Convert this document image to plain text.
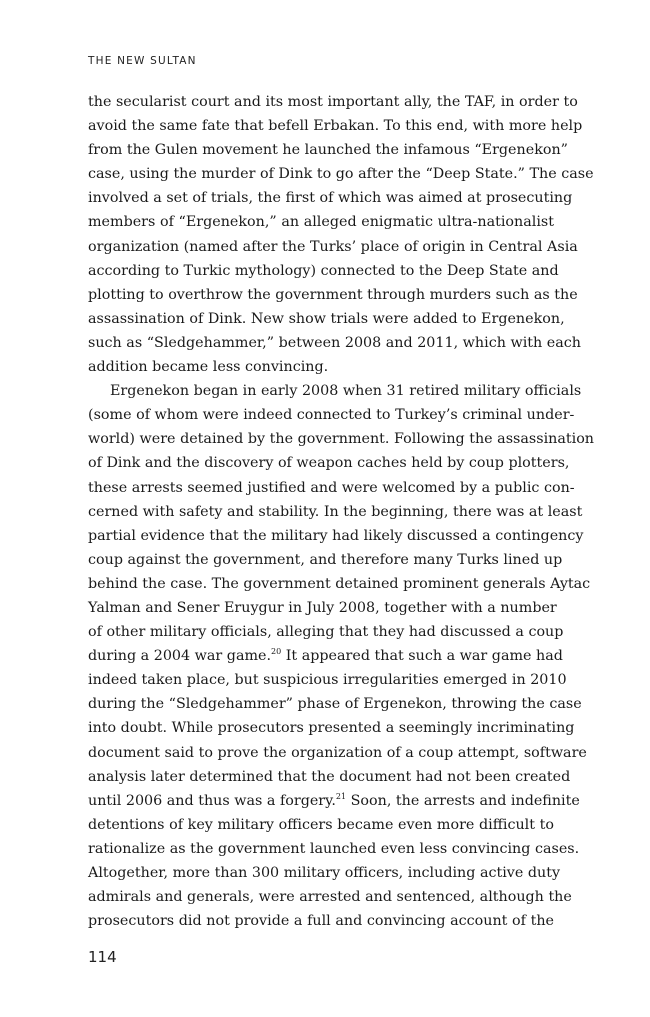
THE NEW SULTAN
the secularist court and its most important ally, the TAF, in order to
avoid the same fate that befell Erbakan. To this end, with more help
from the Gulen movement he launched the infamous “Ergenekon”
case, using the murder of Dink to go after the “Deep State.” The case
involved a set of trials, the first of which was aimed at prosecuting
members of “Ergenekon,” an alleged enigmatic ultra-nationalist
organization (named after the Turks’ place of origin in Central Asia
according to Turkic mythology) connected to the Deep State and
plotting to overthrow the government through murders such as the
assassination of Dink. New show trials were added to Ergenekon,
such as “Sledgehammer,” between 2008 and 2011, which with each
addition became less convincing.
Ergenekon began in early 2008 when 31 retired military officials
(some of whom were indeed connected to Turkey’s criminal under-
world) were detained by the government. Following the assassination
of Dink and the discovery of weapon caches held by coup plotters,
these arrests seemed justified and were welcomed by a public con-
cerned with safety and stability. In the beginning, there was at least
partial evidence that the military had likely discussed a contingency
coup against the government, and therefore many Turks lined up
behind the case. The government detained prominent generals Aytac
Yalman and Sener Eruygur in July 2008, together with a number
of other military officials, alleging that they had discussed a coup
during a 2004 war game.$^{20}$ It appeared that such a war game had
indeed taken place, but suspicious irregularities emerged in 2010
during the “Sledgehammer” phase of Ergenekon, throwing the case
into doubt. While prosecutors presented a seemingly incriminating
document said to prove the organization of a coup attempt, software
analysis later determined that the document had not been created
until 2006 and thus was a forgery.$^{21}$ Soon, the arrests and indefinite
detentions of key military officers became even more difficult to
rationalize as the government launched even less convincing cases.
Altogether, more than 300 military officers, including active duty
admirals and generals, were arrested and sentenced, although the
prosecutors did not provide a full and convincing account of the
114
